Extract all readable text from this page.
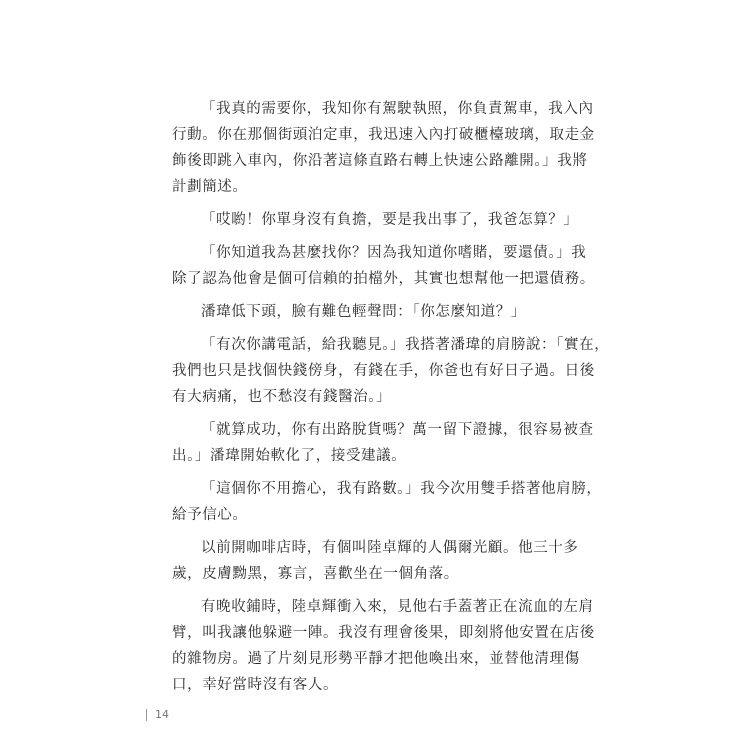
「我真的需要你，我知你有駕駛執照，你負責駕車，我入內
行動。你在那個街頭泊定車，我迅速入內打破櫃檯玻璃，取走金
飾後即跳入車內，你沿著這條直路右轉上快速公路離開。」我將
計劃簡述。

「哎喲！你單身沒有負擔，要是我出事了，我爸怎算？」

「你知道我為甚麼找你？因為我知道你嗜賭，要還債。」我
除了認為他會是個可信賴的拍檔外，其實也想幫他一把還債務。

潘瑋低下頭，臉有難色輕聲問：「你怎麼知道？」

「有次你講電話，給我聽見。」我搭著潘瑋的肩膀說：「實在，
我們也只是找個快錢傍身，有錢在手，你爸也有好日子過。日後
有大病痛，也不愁沒有錢醫治。」

「就算成功，你有出路脫貨嗎？萬一留下證據，很容易被查
出。」潘瑋開始軟化了，接受建議。

「這個你不用擔心，我有路數。」我今次用雙手搭著他肩膀，
給予信心。

以前開咖啡店時，有個叫陸卓輝的人偶爾光顧。他三十多
歲，皮膚黝黑，寡言，喜歡坐在一個角落。

有晚收鋪時，陸卓輝衝入來，見他右手蓋著正在流血的左肩
臂，叫我讓他躲避一陣。我沒有理會後果，即刻將他安置在店後
的雜物房。過了片刻見形勢平靜才把他喚出來，並替他清理傷
口，幸好當時沒有客人。

14
